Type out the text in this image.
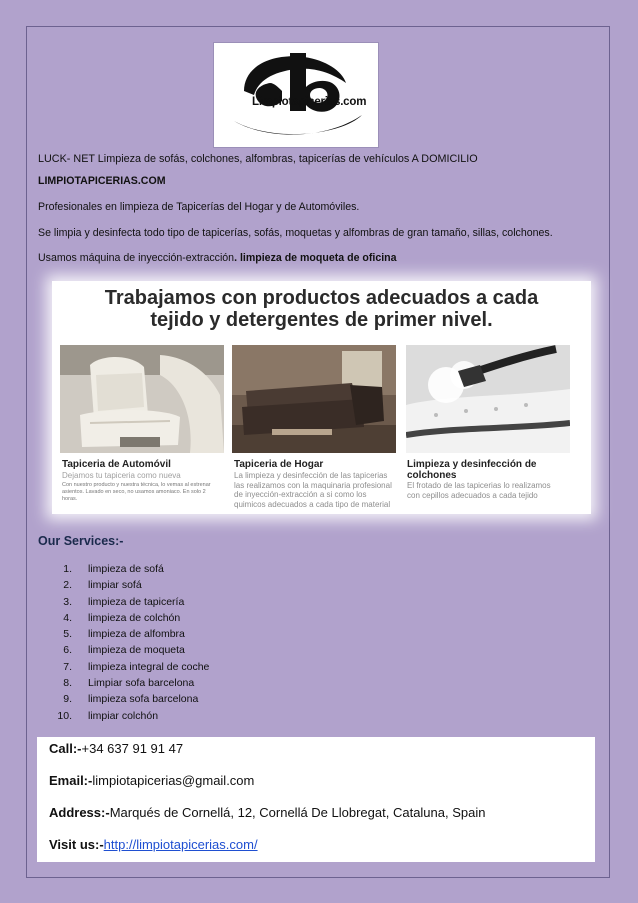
Limpiotapicerias.com
LUCK- NET Limpieza de sofás, colchones, alfombras, tapicerías de vehículos A DOMICILIO
LIMPIOTAPICERIAS.COM
Profesionales en limpieza de Tapicerías del Hogar y de Automóviles.
Se limpia y desinfecta todo tipo de tapicerías, sofás, moquetas y alfombras de gran tamaño, sillas, colchones.
Usamos máquina de inyección-extracción. limpieza de moqueta de oficina
Trabajamos con productos adecuados a cada
tejido y detergentes de primer nivel.
Tapiceria de Automóvil
Dejamos tu tapiceria como nueva
Con nuestro producto y nuestra técnica, lo vemas al estrenar asientos. Lavado en seco, no usamos amoniaco. En solo 2 horas.
Tapiceria de Hogar
La limpieza y desinfección de las tapicerias las realizamos con la maquinaria profesional de inyección-extracción a si como los quimicos adecuados a cada tipo de material
Limpieza y desinfección de colchones
El frotado de las tapicerias lo realizamos con cepillos adecuados a cada tejido
Our Services:-
1. limpieza de sofá
2. limpiar sofá
3. limpieza de tapicería
4. limpieza de colchón
5. limpieza de alfombra
6. limpieza de moqueta
7. limpieza integral de coche
8. Limpiar sofa barcelona
9. limpieza sofa barcelona
10. limpiar colchón
Call:-+34 637 91 91 47
Email:-limpiotapicerias@gmail.com
Address:-Marqués de Cornellá, 12, Cornellá De Llobregat, Cataluna, Spain
Visit us:-http://limpiotapicerias.com/
